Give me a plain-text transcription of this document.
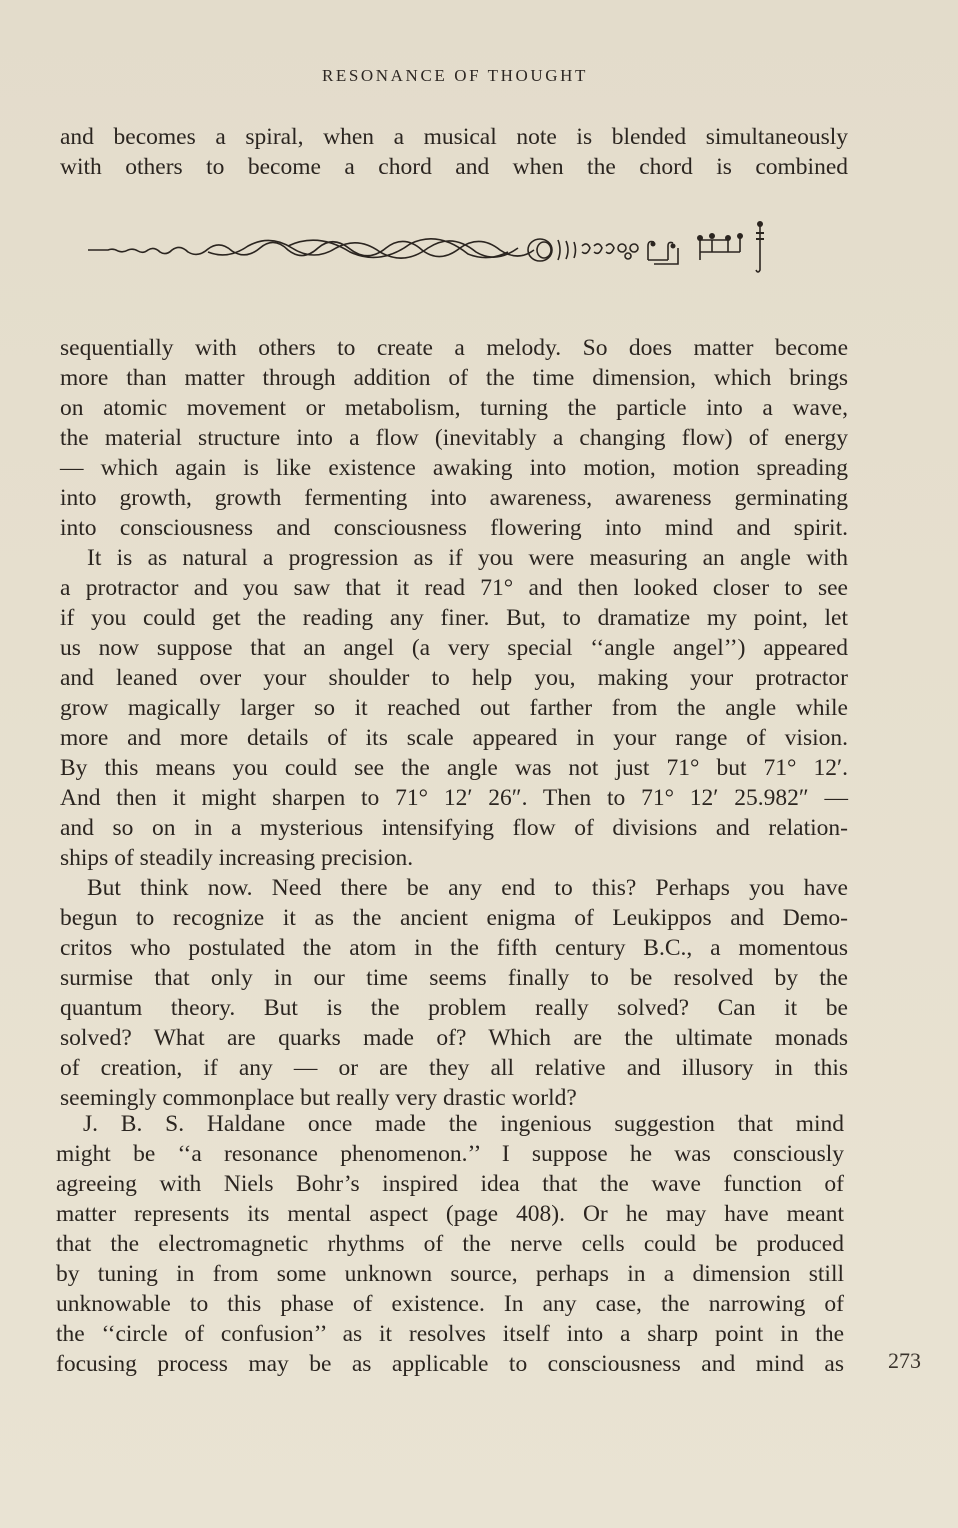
RESONANCE OF THOUGHT
and becomes a spiral, when a musical note is blended simultaneously
with others to become a chord and when the chord is combined
sequentially with others to create a melody. So does matter become
more than matter through addition of the time dimension, which brings
on atomic movement or metabolism, turning the particle into a wave,
the material structure into a flow (inevitably a changing flow) of energy
— which again is like existence awaking into motion, motion spreading
into growth, growth fermenting into awareness, awareness germinating
into consciousness and consciousness flowering into mind and spirit.
It is as natural a progression as if you were measuring an angle with
a protractor and you saw that it read 71° and then looked closer to see
if you could get the reading any finer. But, to dramatize my point, let
us now suppose that an angel (a very special ‘‘angle angel’’) appeared
and leaned over your shoulder to help you, making your protractor
grow magically larger so it reached out farther from the angle while
more and more details of its scale appeared in your range of vision.
By this means you could see the angle was not just 71° but 71° 12′.
And then it might sharpen to 71° 12′ 26″. Then to 71° 12′ 25.982″ —
and so on in a mysterious intensifying flow of divisions and relation-
ships of steadily increasing precision.
But think now. Need there be any end to this? Perhaps you have
begun to recognize it as the ancient enigma of Leukippos and Demo-
critos who postulated the atom in the fifth century B.C., a momentous
surmise that only in our time seems finally to be resolved by the
quantum theory. But is the problem really solved? Can it be
solved? What are quarks made of? Which are the ultimate monads
of creation, if any — or are they all relative and illusory in this
seemingly commonplace but really very drastic world?
J. B. S. Haldane once made the ingenious suggestion that mind
might be ‘‘a resonance phenomenon.’’ I suppose he was consciously
agreeing with Niels Bohr’s inspired idea that the wave function of
matter represents its mental aspect (page 408). Or he may have meant
that the electromagnetic rhythms of the nerve cells could be produced
by tuning in from some unknown source, perhaps in a dimension still
unknowable to this phase of existence. In any case, the narrowing of
the ‘‘circle of confusion’’ as it resolves itself into a sharp point in the
focusing process may be as applicable to consciousness and mind as 273
